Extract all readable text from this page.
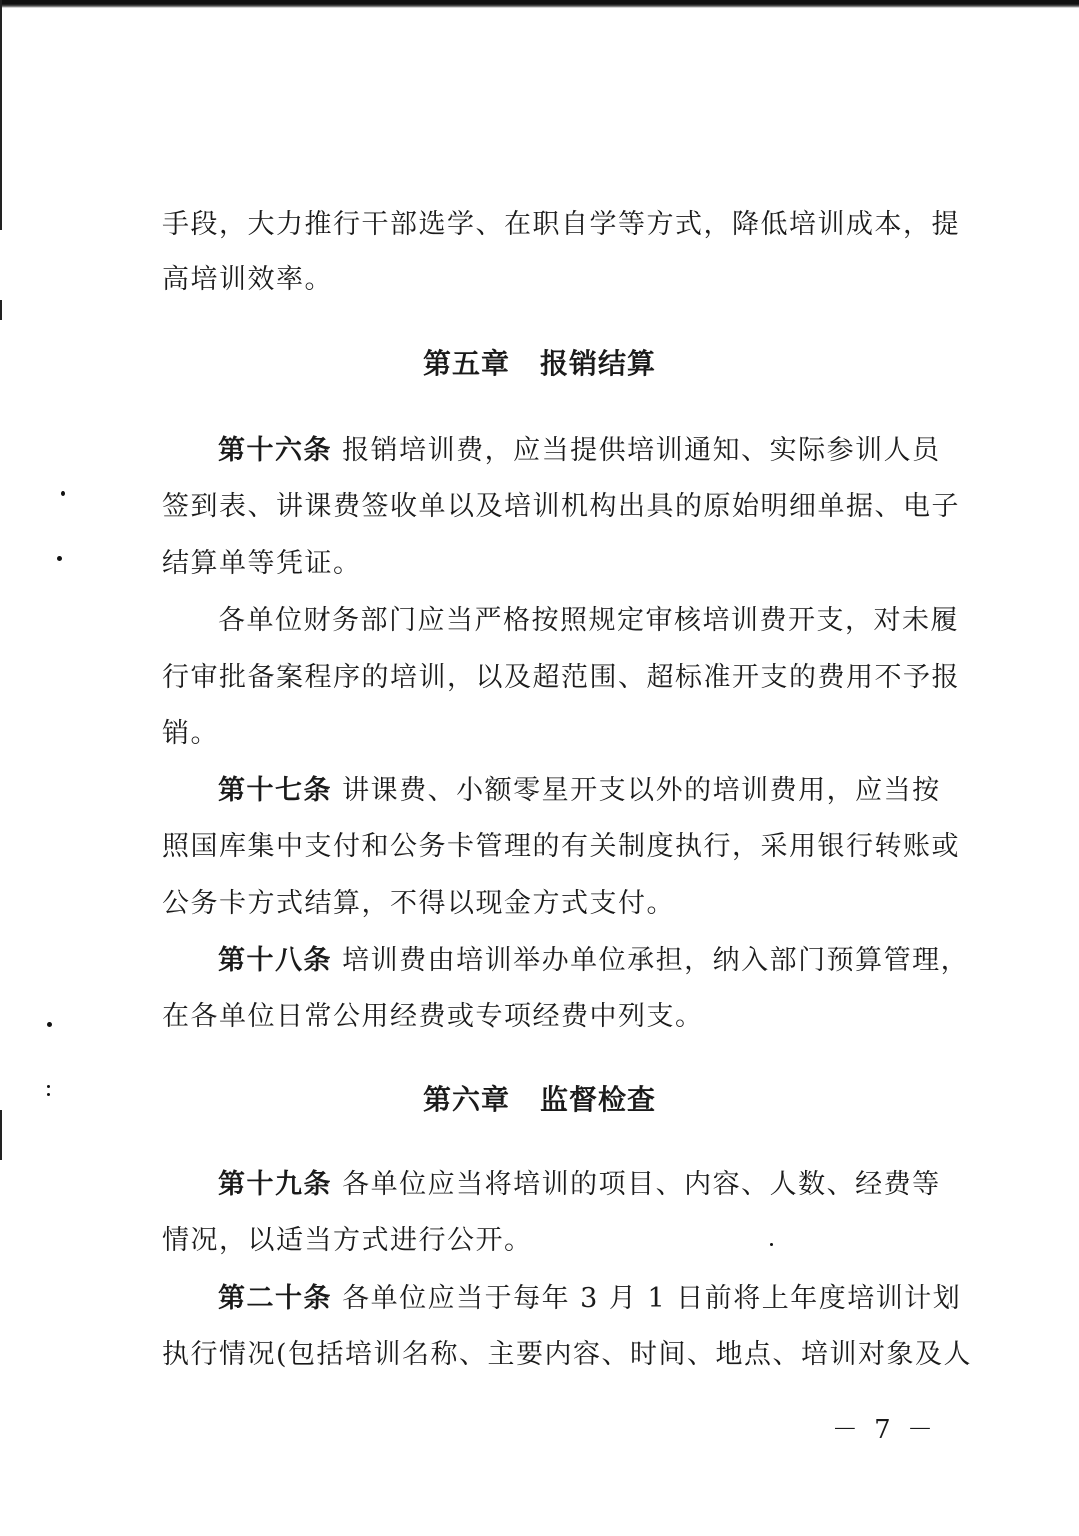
手段，大力推行干部选学、在职自学等方式，降低培训成本，提
高培训效率。
第五章 报销结算
第十六条 报销培训费，应当提供培训通知、实际参训人员
签到表、讲课费签收单以及培训机构出具的原始明细单据、电子
结算单等凭证。
各单位财务部门应当严格按照规定审核培训费开支，对未履
行审批备案程序的培训，以及超范围、超标准开支的费用不予报
销。
第十七条 讲课费、小额零星开支以外的培训费用，应当按
照国库集中支付和公务卡管理的有关制度执行，采用银行转账或
公务卡方式结算，不得以现金方式支付。
第十八条 培训费由培训举办单位承担，纳入部门预算管理，
在各单位日常公用经费或专项经费中列支。
第六章 监督检查
第十九条 各单位应当将培训的项目、内容、人数、经费等
情况，以适当方式进行公开。
第二十条 各单位应当于每年 3 月 1 日前将上年度培训计划
执行情况(包括培训名称、主要内容、时间、地点、培训对象及人
－ 7 －
